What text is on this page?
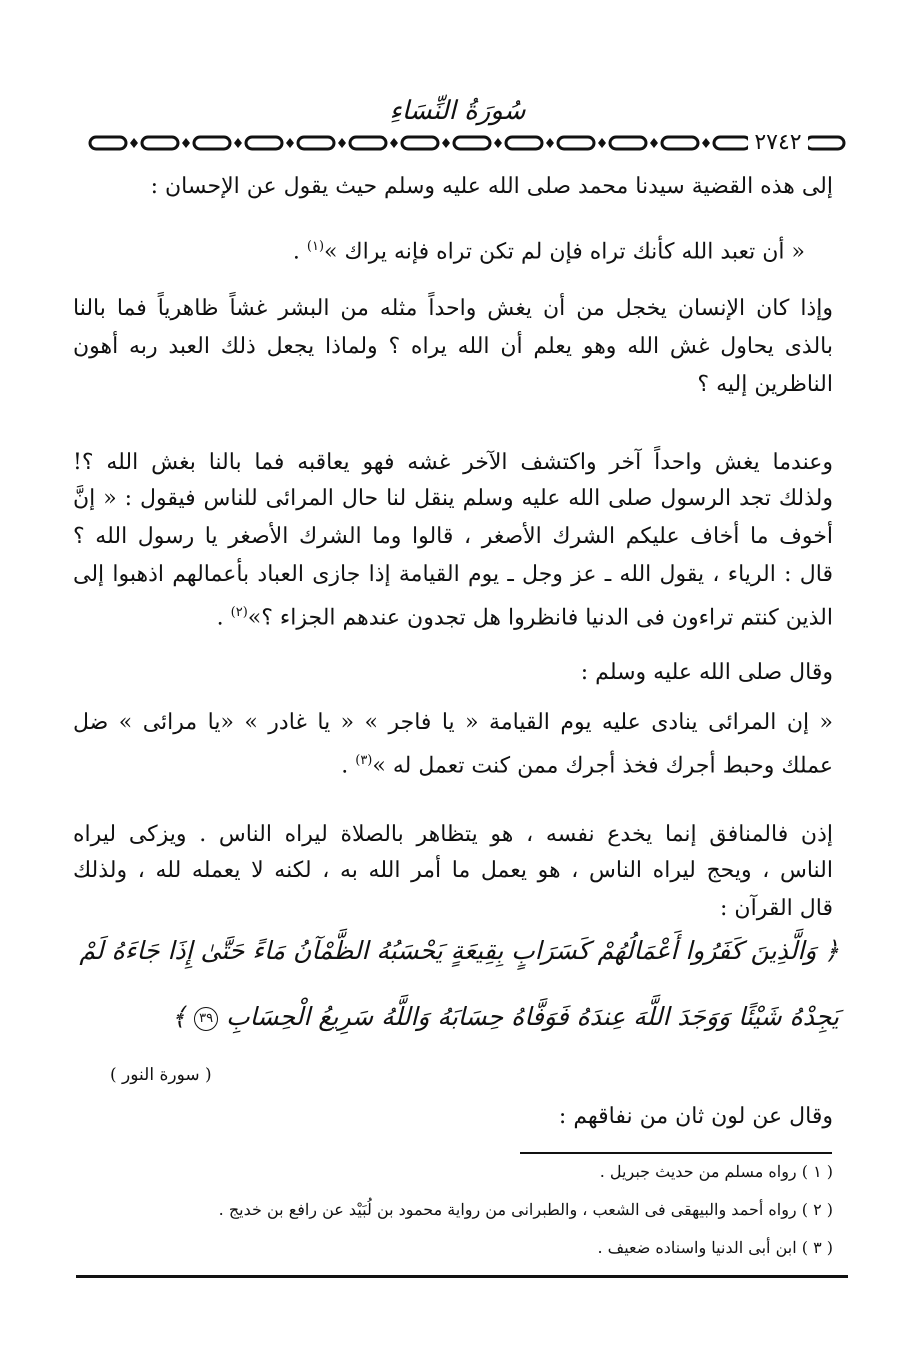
سُورَةُ النِّسَاءِ
٢٧٤٢
إلى هذه القضية سيدنا محمد صلى الله عليه وسلم حيث يقول عن الإحسان :
« أن تعبد الله كأنك تراه فإن لم تكن تراه فإنه يراك »$^{(١)}$ .
وإذا كان الإنسان يخجل من أن يغش واحداً مثله من البشر غشاً ظاهرياً فما بالنا
بالذى يحاول غش الله وهو يعلم أن الله يراه ؟ ولماذا يجعل ذلك العبد ربه أهون
الناظرين إليه ؟
وعندما يغش واحداً آخر واكتشف الآخر غشه فهو يعاقبه فما بالنا بغش الله ؟!
ولذلك تجد الرسول صلى الله عليه وسلم ينقل لنا حال المرائى للناس فيقول : « إنَّ
أخوف ما أخاف عليكم الشرك الأصغر ، قالوا وما الشرك الأصغر يا رسول الله ؟
قال : الرياء ، يقول الله ـ عز وجل ـ يوم القيامة إذا جازى العباد بأعمالهم اذهبوا إلى
الذين كنتم تراءون فى الدنيا فانظروا هل تجدون عندهم الجزاء ؟»$^{(٢)}$ .
وقال صلى الله عليه وسلم :
« إن المرائى ينادى عليه يوم القيامة « يا فاجر » « يا غادر » «يا مرائى » ضل
عملك وحبط أجرك فخذ أجرك ممن كنت تعمل له »$^{(٣)}$ .
إذن فالمنافق إنما يخدع نفسه ، هو يتظاهر بالصلاة ليراه الناس . ويزكى ليراه
الناس ، ويحج ليراه الناس ، هو يعمل ما أمر الله به ، لكنه لا يعمله لله ، ولذلك
قال القرآن :
﴿ وَالَّذِينَ كَفَرُوا أَعْمَالُهُمْ كَسَرَابٍ بِقِيعَةٍ يَحْسَبُهُ الظَّمْآنُ مَاءً حَتَّىٰ إِذَا جَاءَهُ لَمْ
يَجِدْهُ شَيْئًا وَوَجَدَ اللَّهَ عِندَهُ فَوَفَّاهُ حِسَابَهُ وَاللَّهُ سَرِيعُ الْحِسَابِ ٣٩ ﴾
( سورة النور )
وقال عن لون ثان من نفاقهم :
( ١ ) رواه مسلم من حديث جبريل .
( ٢ ) رواه أحمد والبيهقى فى الشعب ، والطبرانى من رواية محمود بن لُبَيْد عن رافع بن خديج .
( ٣ ) ابن أبى الدنيا واسناده ضعيف .
